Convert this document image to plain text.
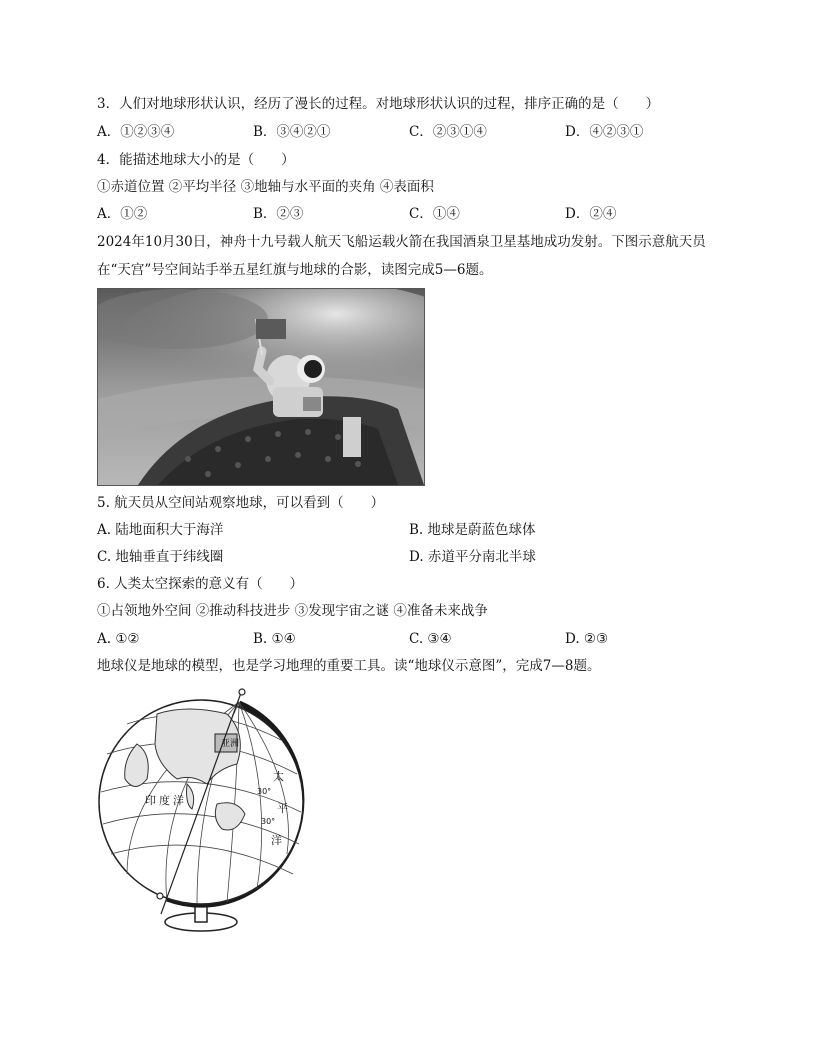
3．人们对地球形状认识，经历了漫长的过程。对地球形状认识的过程，排序正确的是（　　）
A．①②③④	B．③④②①	C．②③①④	D．④②③①
4．能描述地球大小的是（　　）
①赤道位置 ②平均半径 ③地轴与水平面的夹角 ④表面积
A．①②	B．②③	C．①④	D．②④
2024年10月30日，神舟十九号载人航天飞船运载火箭在我国酒泉卫星基地成功发射。下图示意航天员
在“天宫”号空间站手举五星红旗与地球的合影，读图完成5—6题。
5. 航天员从空间站观察地球，可以看到（　　）
A. 陆地面积大于海洋	B. 地球是蔚蓝色球体
C. 地轴垂直于纬线圈	D. 赤道平分南北半球
6. 人类太空探索的意义有（　　）
①占领地外空间 ②推动科技进步 ③发现宇宙之谜 ④准备未来战争
A. ①②	B. ①④	C. ③④	D. ②③
地球仪是地球的模型，也是学习地理的重要工具。读“地球仪示意图”，完成7—8题。
亚洲
印度洋
太
平
洋
30°
30°
